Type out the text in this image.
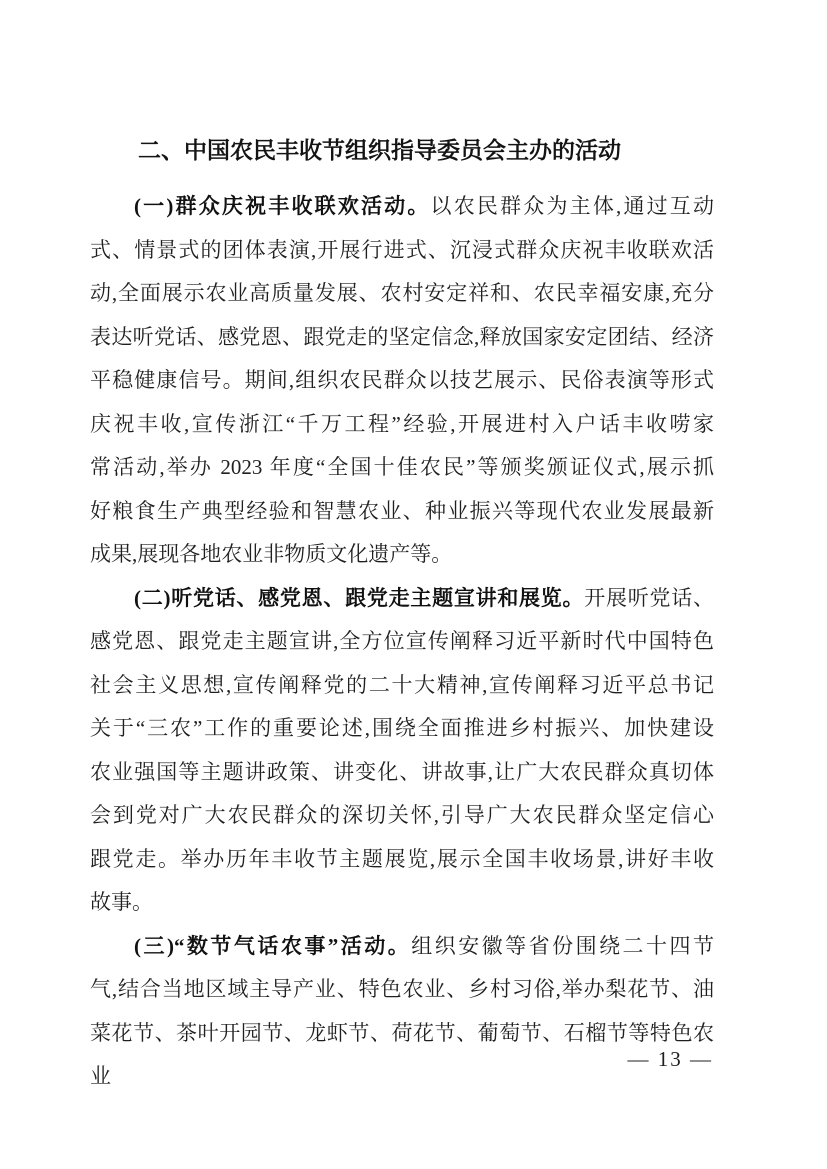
二、中国农民丰收节组织指导委员会主办的活动
(一)群众庆祝丰收联欢活动。以农民群众为主体,通过互动
式、情景式的团体表演,开展行进式、沉浸式群众庆祝丰收联欢活
动,全面展示农业高质量发展、农村安定祥和、农民幸福安康,充分
表达听党话、感党恩、跟党走的坚定信念,释放国家安定团结、经济
平稳健康信号。期间,组织农民群众以技艺展示、民俗表演等形式
庆祝丰收,宣传浙江“千万工程”经验,开展进村入户话丰收唠家
常活动,举办 2023 年度“全国十佳农民”等颁奖颁证仪式,展示抓
好粮食生产典型经验和智慧农业、种业振兴等现代农业发展最新
成果,展现各地农业非物质文化遗产等。
(二)听党话、感党恩、跟党走主题宣讲和展览。开展听党话、
感党恩、跟党走主题宣讲,全方位宣传阐释习近平新时代中国特色
社会主义思想,宣传阐释党的二十大精神,宣传阐释习近平总书记
关于“三农”工作的重要论述,围绕全面推进乡村振兴、加快建设
农业强国等主题讲政策、讲变化、讲故事,让广大农民群众真切体
会到党对广大农民群众的深切关怀,引导广大农民群众坚定信心
跟党走。举办历年丰收节主题展览,展示全国丰收场景,讲好丰收
故事。
(三)“数节气话农事”活动。组织安徽等省份围绕二十四节
气,结合当地区域主导产业、特色农业、乡村习俗,举办梨花节、油
菜花节、茶叶开园节、龙虾节、荷花节、葡萄节、石榴节等特色农业
— 13 —
